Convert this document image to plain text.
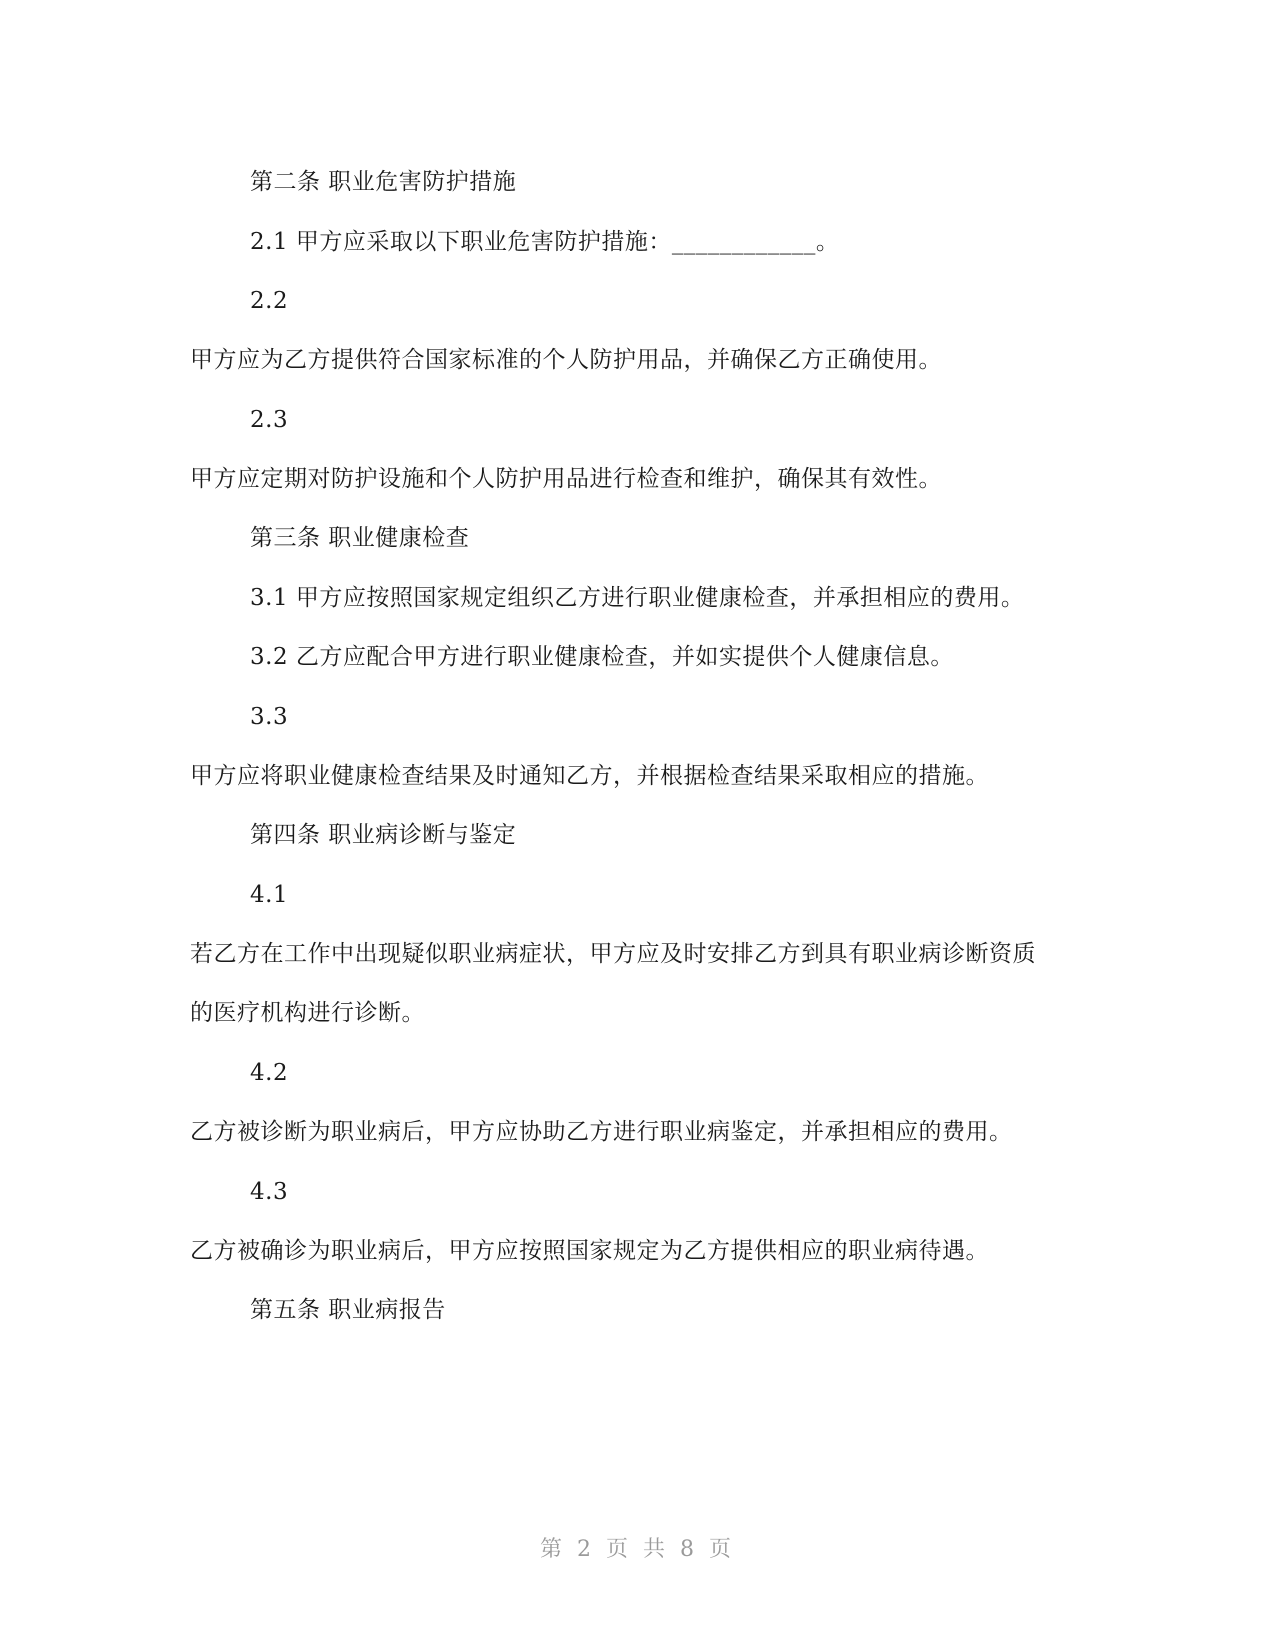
第二条 职业危害防护措施
2.1 甲方应采取以下职业危害防护措施：____________。
2.2
甲方应为乙方提供符合国家标准的个人防护用品，并确保乙方正确使用。
2.3
甲方应定期对防护设施和个人防护用品进行检查和维护，确保其有效性。
第三条 职业健康检查
3.1 甲方应按照国家规定组织乙方进行职业健康检查，并承担相应的费用。
3.2 乙方应配合甲方进行职业健康检查，并如实提供个人健康信息。
3.3
甲方应将职业健康检查结果及时通知乙方，并根据检查结果采取相应的措施。
第四条 职业病诊断与鉴定
4.1
若乙方在工作中出现疑似职业病症状，甲方应及时安排乙方到具有职业病诊断资质
的医疗机构进行诊断。
4.2
乙方被诊断为职业病后，甲方应协助乙方进行职业病鉴定，并承担相应的费用。
4.3
乙方被确诊为职业病后，甲方应按照国家规定为乙方提供相应的职业病待遇。
第五条 职业病报告
第 2 页 共 8 页
